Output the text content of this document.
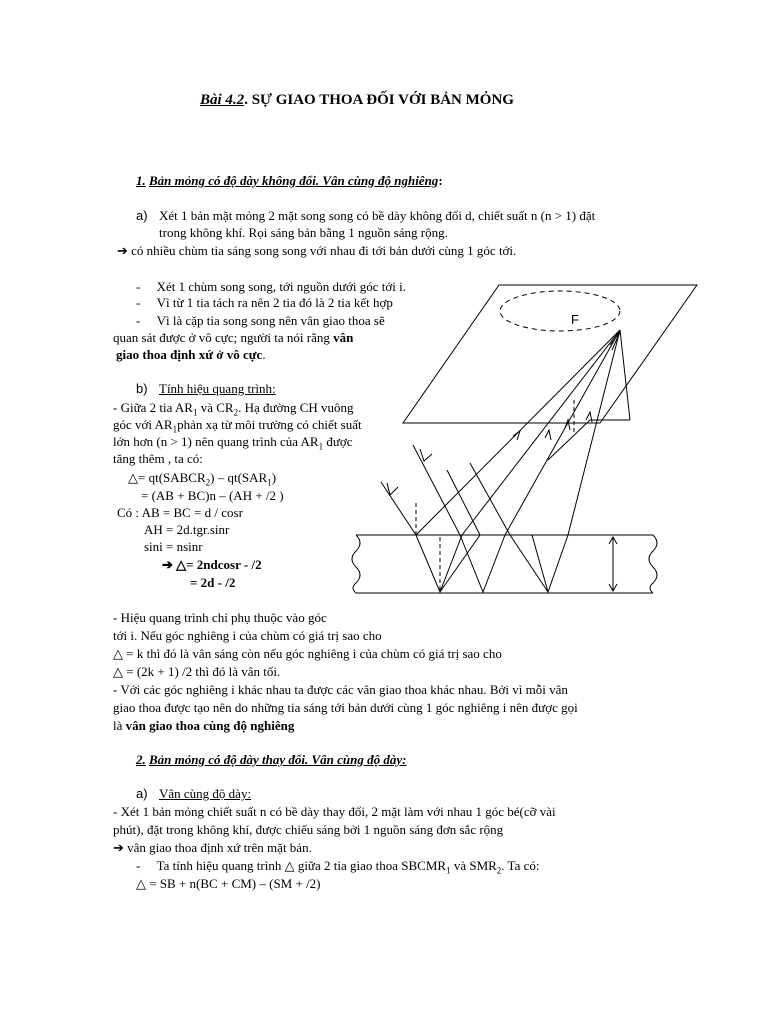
Bài 4.2. SỰ GIAO THOA ĐỐI VỚI BẢN MỎNG
1. Bản mỏng có độ dày không đổi. Vân cùng độ nghiêng:
a) Xét 1 bản mặt mỏng 2 mặt song song có bề dày không đổi d, chiết suất n (n > 1) đặt
trong không khí. Rọi sáng bản bằng 1 nguồn sáng rộng.
➔ có nhiều chùm tia sáng song song với nhau đi tới bản dưới cùng 1 góc tới.
-     Xét 1 chùm song song, tới nguồn dưới góc tới i.
-     Vì từ 1 tia tách ra nên 2 tia đó là 2 tia kết hợp
-     Vì là cặp tia song song nên vân giao thoa sẽ
quan sát được ở vô cực; người ta nói rằng vân
giao thoa định xứ ở vô cực.
b) Tính hiệu quang trình:
- Giữa 2 tia $AR_1$ và $CR_2$. Hạ đường CH vuông
góc với $AR_1phản$ xạ từ môi trường có chiết suất
lớn hơn (n > 1) nên quang trình của $AR_1$ được
tăng thêm , ta có:
△= $qt(SABCR_2) - qt(SAR_1)$
= (AB + BC)n – (AH + /2 )
Có : AB = BC = d / cosr
AH = 2d.tgr.sinr
sini = nsinr
➔ △= 2ndcosr - /2
= 2d - /2
- Hiệu quang trình chỉ phụ thuộc vào góc
tới i. Nếu góc nghiêng i của chùm có giá trị sao cho
△ = k thì đó là vân sáng còn nếu góc nghiêng i của chùm có giá trị sao cho
△ = (2k + 1) /2 thì đó là vân tối.
- Với các góc nghiêng i khác nhau ta được các vân giao thoa khác nhau. Bởi vì mỗi vân
giao thoa được tạo nên do những tia sáng tới bản dưới cùng 1 góc nghiêng i nên được gọi
là vân giao thoa cùng độ nghiêng
2. Bản mỏng có độ dày thay đổi. Vân cùng độ dày:
a) Vân cùng độ dày:
- Xét 1 bản mỏng chiết suất n có bề dày thay đổi, 2 mặt làm với nhau 1 góc bé(cỡ vài
phút), đặt trong không khí, được chiếu sáng bởi 1 nguồn sáng đơn sắc rộng
➔ vân giao thoa định xứ trên mặt bản.
-     Ta tính hiệu quang trình △ giữa 2 tia giao thoa $SBCMR_1$ và $SMR_2$. Ta có:
△ = SB + n(BC + CM) – (SM + /2)
F
